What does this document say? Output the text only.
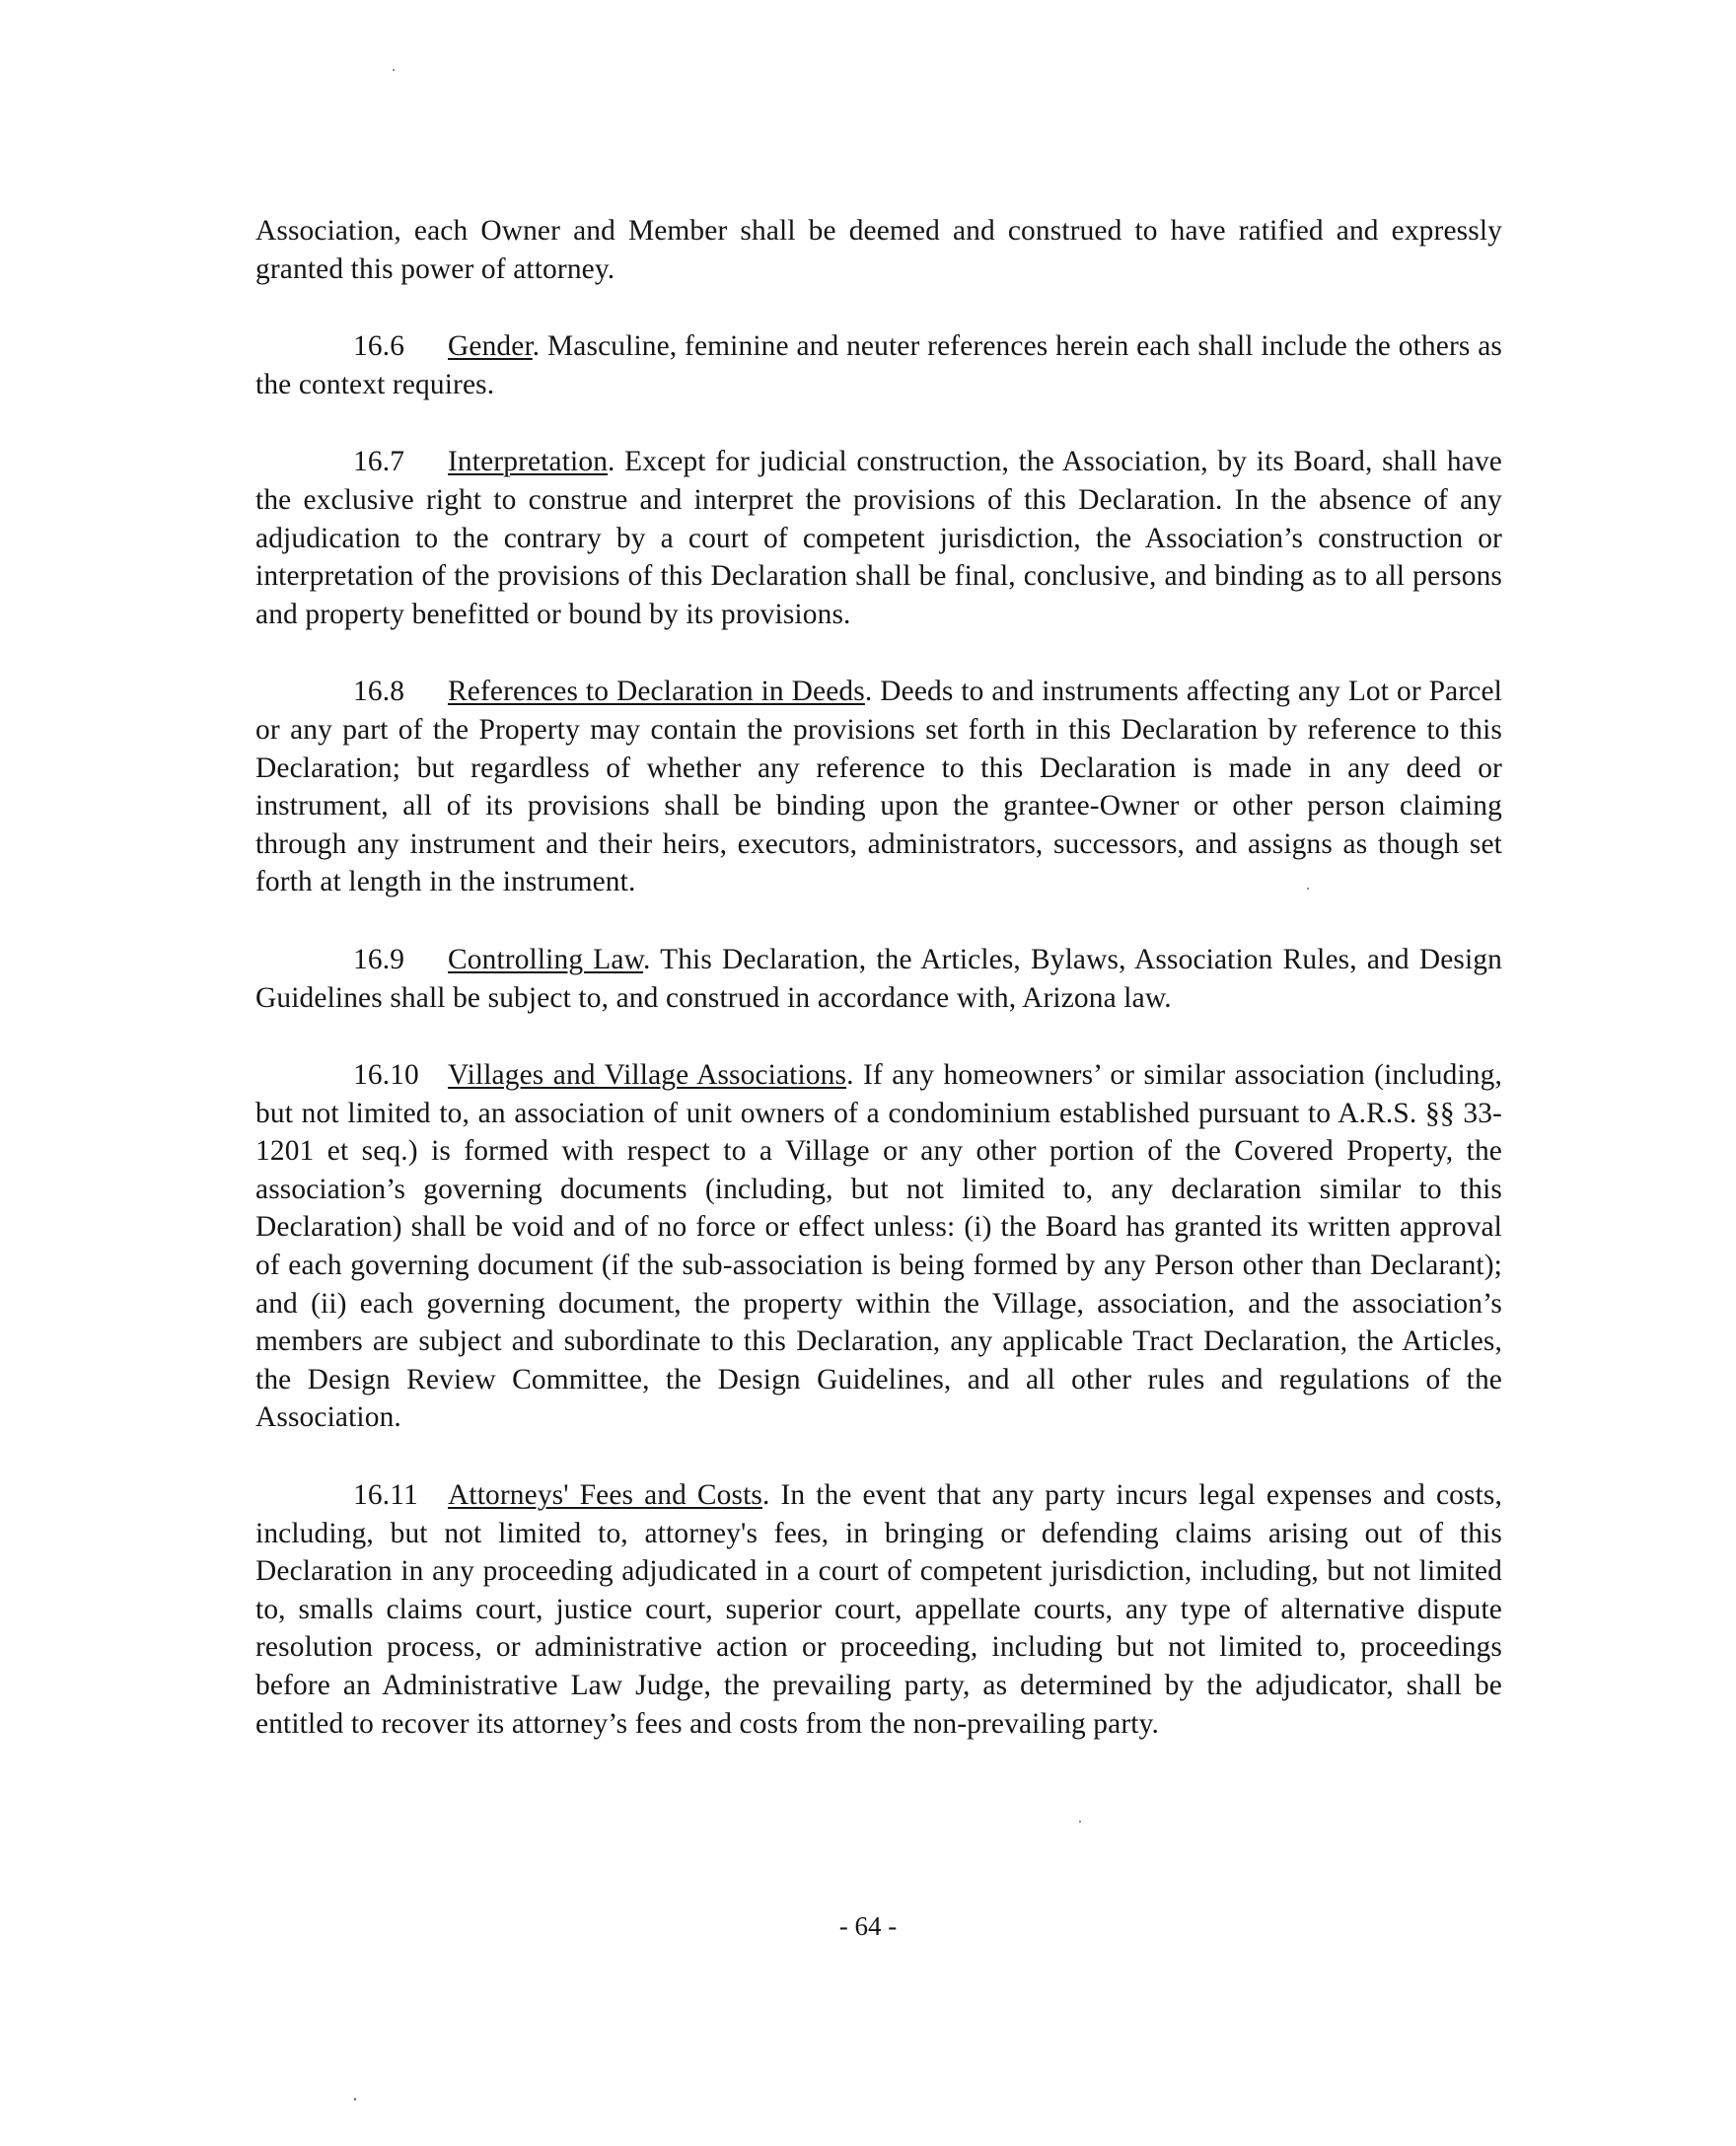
Association, each Owner and Member shall be deemed and construed to have ratified and expressly granted this power of attorney.

16.6 Gender. Masculine, feminine and neuter references herein each shall include the others as the context requires.

16.7 Interpretation. Except for judicial construction, the Association, by its Board, shall have the exclusive right to construe and interpret the provisions of this Declaration. In the absence of any adjudication to the contrary by a court of competent jurisdiction, the Association’s construction or interpretation of the provisions of this Declaration shall be final, conclusive, and binding as to all persons and property benefitted or bound by its provisions.

16.8 References to Declaration in Deeds. Deeds to and instruments affecting any Lot or Parcel or any part of the Property may contain the provisions set forth in this Declaration by reference to this Declaration; but regardless of whether any reference to this Declaration is made in any deed or instrument, all of its provisions shall be binding upon the grantee-Owner or other person claiming through any instrument and their heirs, executors, administrators, successors, and assigns as though set forth at length in the instrument.

16.9 Controlling Law. This Declaration, the Articles, Bylaws, Association Rules, and Design Guidelines shall be subject to, and construed in accordance with, Arizona law.

16.10 Villages and Village Associations. If any homeowners’ or similar association (including, but not limited to, an association of unit owners of a condominium established pursuant to A.R.S. §§ 33-1201 et seq.) is formed with respect to a Village or any other portion of the Covered Property, the association’s governing documents (including, but not limited to, any declaration similar to this Declaration) shall be void and of no force or effect unless: (i) the Board has granted its written approval of each governing document (if the sub-association is being formed by any Person other than Declarant); and (ii) each governing document, the property within the Village, association, and the association’s members are subject and subordinate to this Declaration, any applicable Tract Declaration, the Articles, the Design Review Committee, the Design Guidelines, and all other rules and regulations of the Association.

16.11 Attorneys' Fees and Costs. In the event that any party incurs legal expenses and costs, including, but not limited to, attorney's fees, in bringing or defending claims arising out of this Declaration in any proceeding adjudicated in a court of competent jurisdiction, including, but not limited to, smalls claims court, justice court, superior court, appellate courts, any type of alternative dispute resolution process, or administrative action or proceeding, including but not limited to, proceedings before an Administrative Law Judge, the prevailing party, as determined by the adjudicator, shall be entitled to recover its attorney’s fees and costs from the non-prevailing party.

- 64 -
